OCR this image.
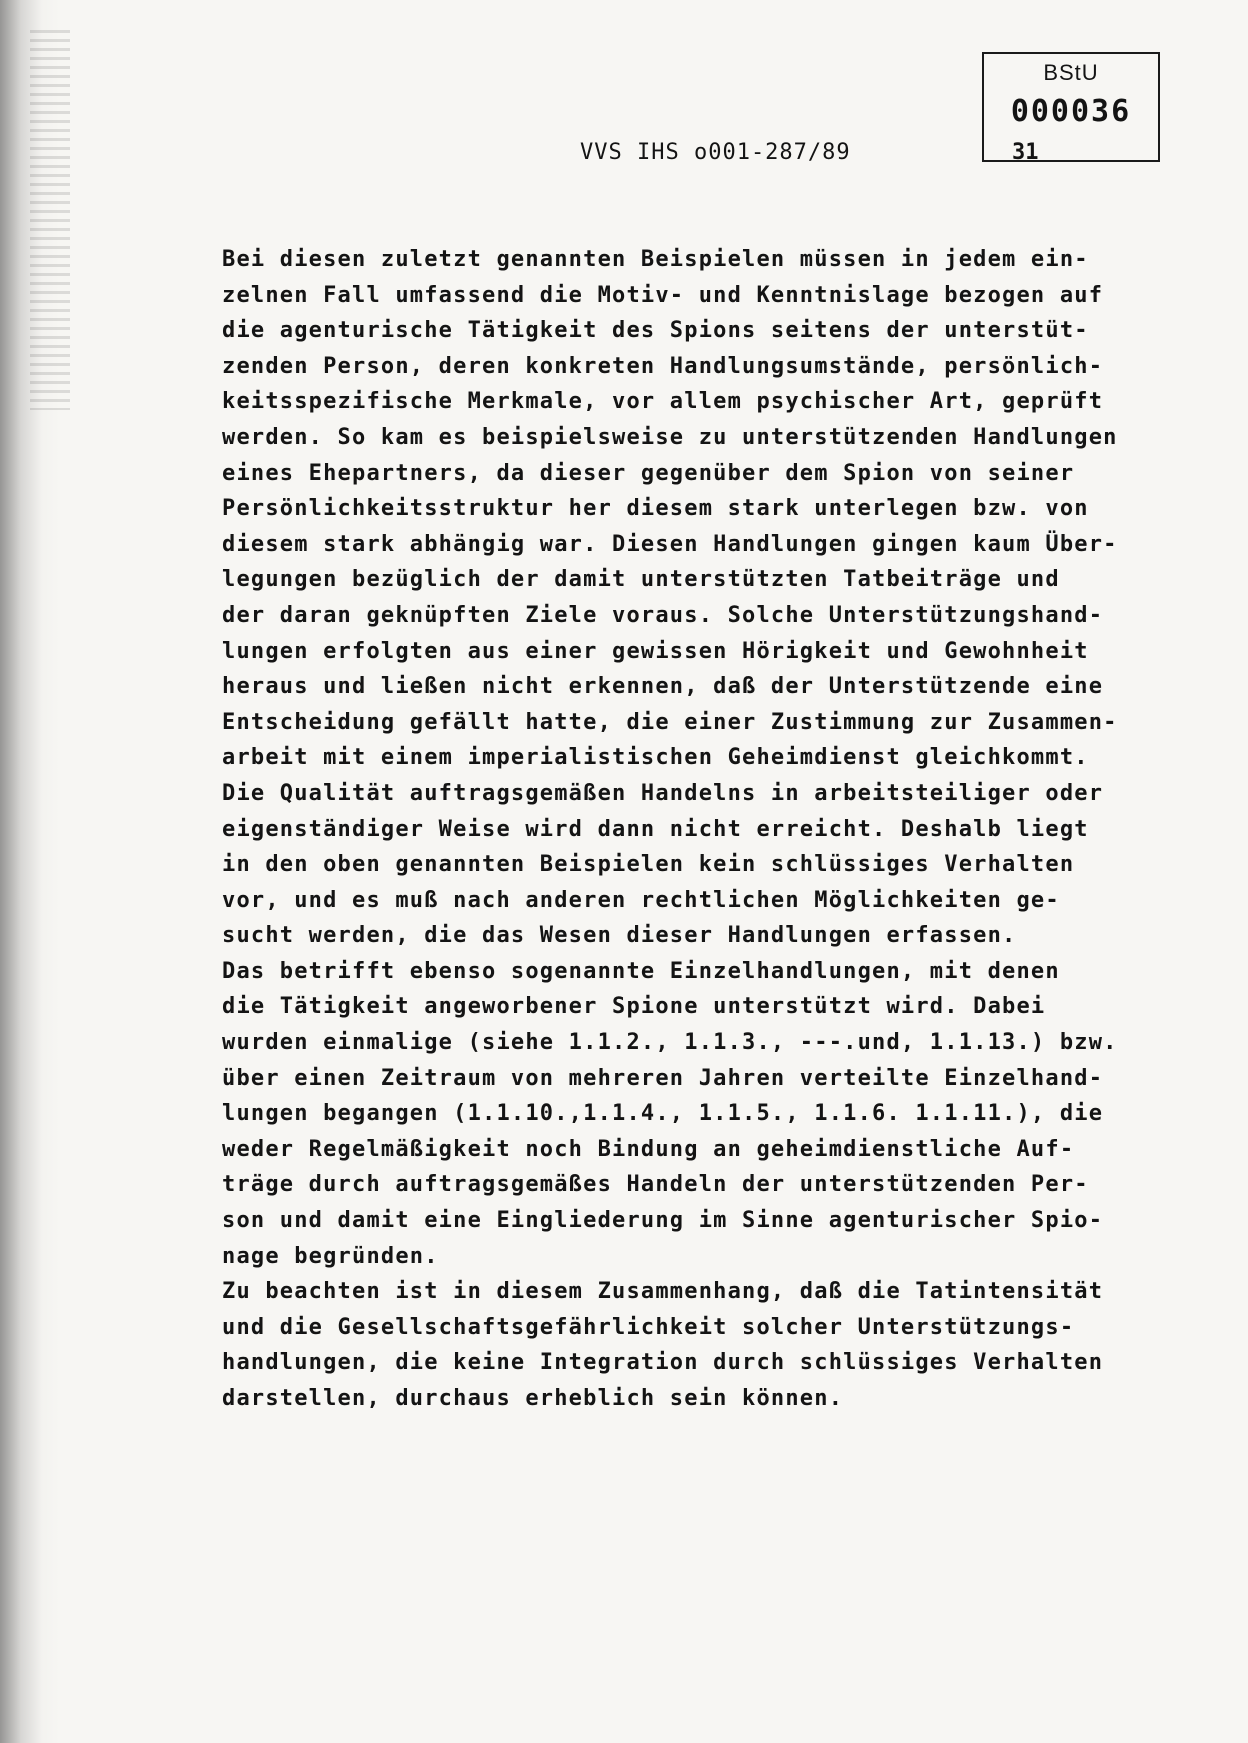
BStU
000036
VVS IHS o001-287/89	31
Bei diesen zuletzt genannten Beispielen müssen in jedem ein-
zelnen Fall umfassend die Motiv- und Kenntnislage bezogen auf
die agenturische Tätigkeit des Spions seitens der unterstüt-
zenden Person, deren konkreten Handlungsumstände, persönlich-
keitsspezifische Merkmale, vor allem psychischer Art, geprüft
werden. So kam es beispielsweise zu unterstützenden Handlungen
eines Ehepartners, da dieser gegenüber dem Spion von seiner
Persönlichkeitsstruktur her diesem stark unterlegen bzw. von
diesem stark abhängig war. Diesen Handlungen gingen kaum Über-
legungen bezüglich der damit unterstützten Tatbeiträge und
der daran geknüpften Ziele voraus. Solche Unterstützungshand-
lungen erfolgten aus einer gewissen Hörigkeit und Gewohnheit
heraus und ließen nicht erkennen, daß der Unterstützende eine
Entscheidung gefällt hatte, die einer Zustimmung zur Zusammen-
arbeit mit einem imperialistischen Geheimdienst gleichkommt.
Die Qualität auftragsgemäßen Handelns in arbeitsteiliger oder
eigenständiger Weise wird dann nicht erreicht. Deshalb liegt
in den oben genannten Beispielen kein schlüssiges Verhalten
vor, und es muß nach anderen rechtlichen Möglichkeiten ge-
sucht werden, die das Wesen dieser Handlungen erfassen.
Das betrifft ebenso sogenannte Einzelhandlungen, mit denen
die Tätigkeit angeworbener Spione unterstützt wird. Dabei
wurden einmalige (siehe 1.1.2., 1.1.3., ---.und, 1.1.13.) bzw.
über einen Zeitraum von mehreren Jahren verteilte Einzelhand-
lungen begangen (1.1.10.,1.1.4., 1.1.5., 1.1.6. 1.1.11.), die
weder Regelmäßigkeit noch Bindung an geheimdienstliche Auf-
träge durch auftragsgemäßes Handeln der unterstützenden Per-
son und damit eine Eingliederung im Sinne agenturischer Spio-
nage begründen.
Zu beachten ist in diesem Zusammenhang, daß die Tatintensität
und die Gesellschaftsgefährlichkeit solcher Unterstützungs-
handlungen, die keine Integration durch schlüssiges Verhalten
darstellen, durchaus erheblich sein können.
